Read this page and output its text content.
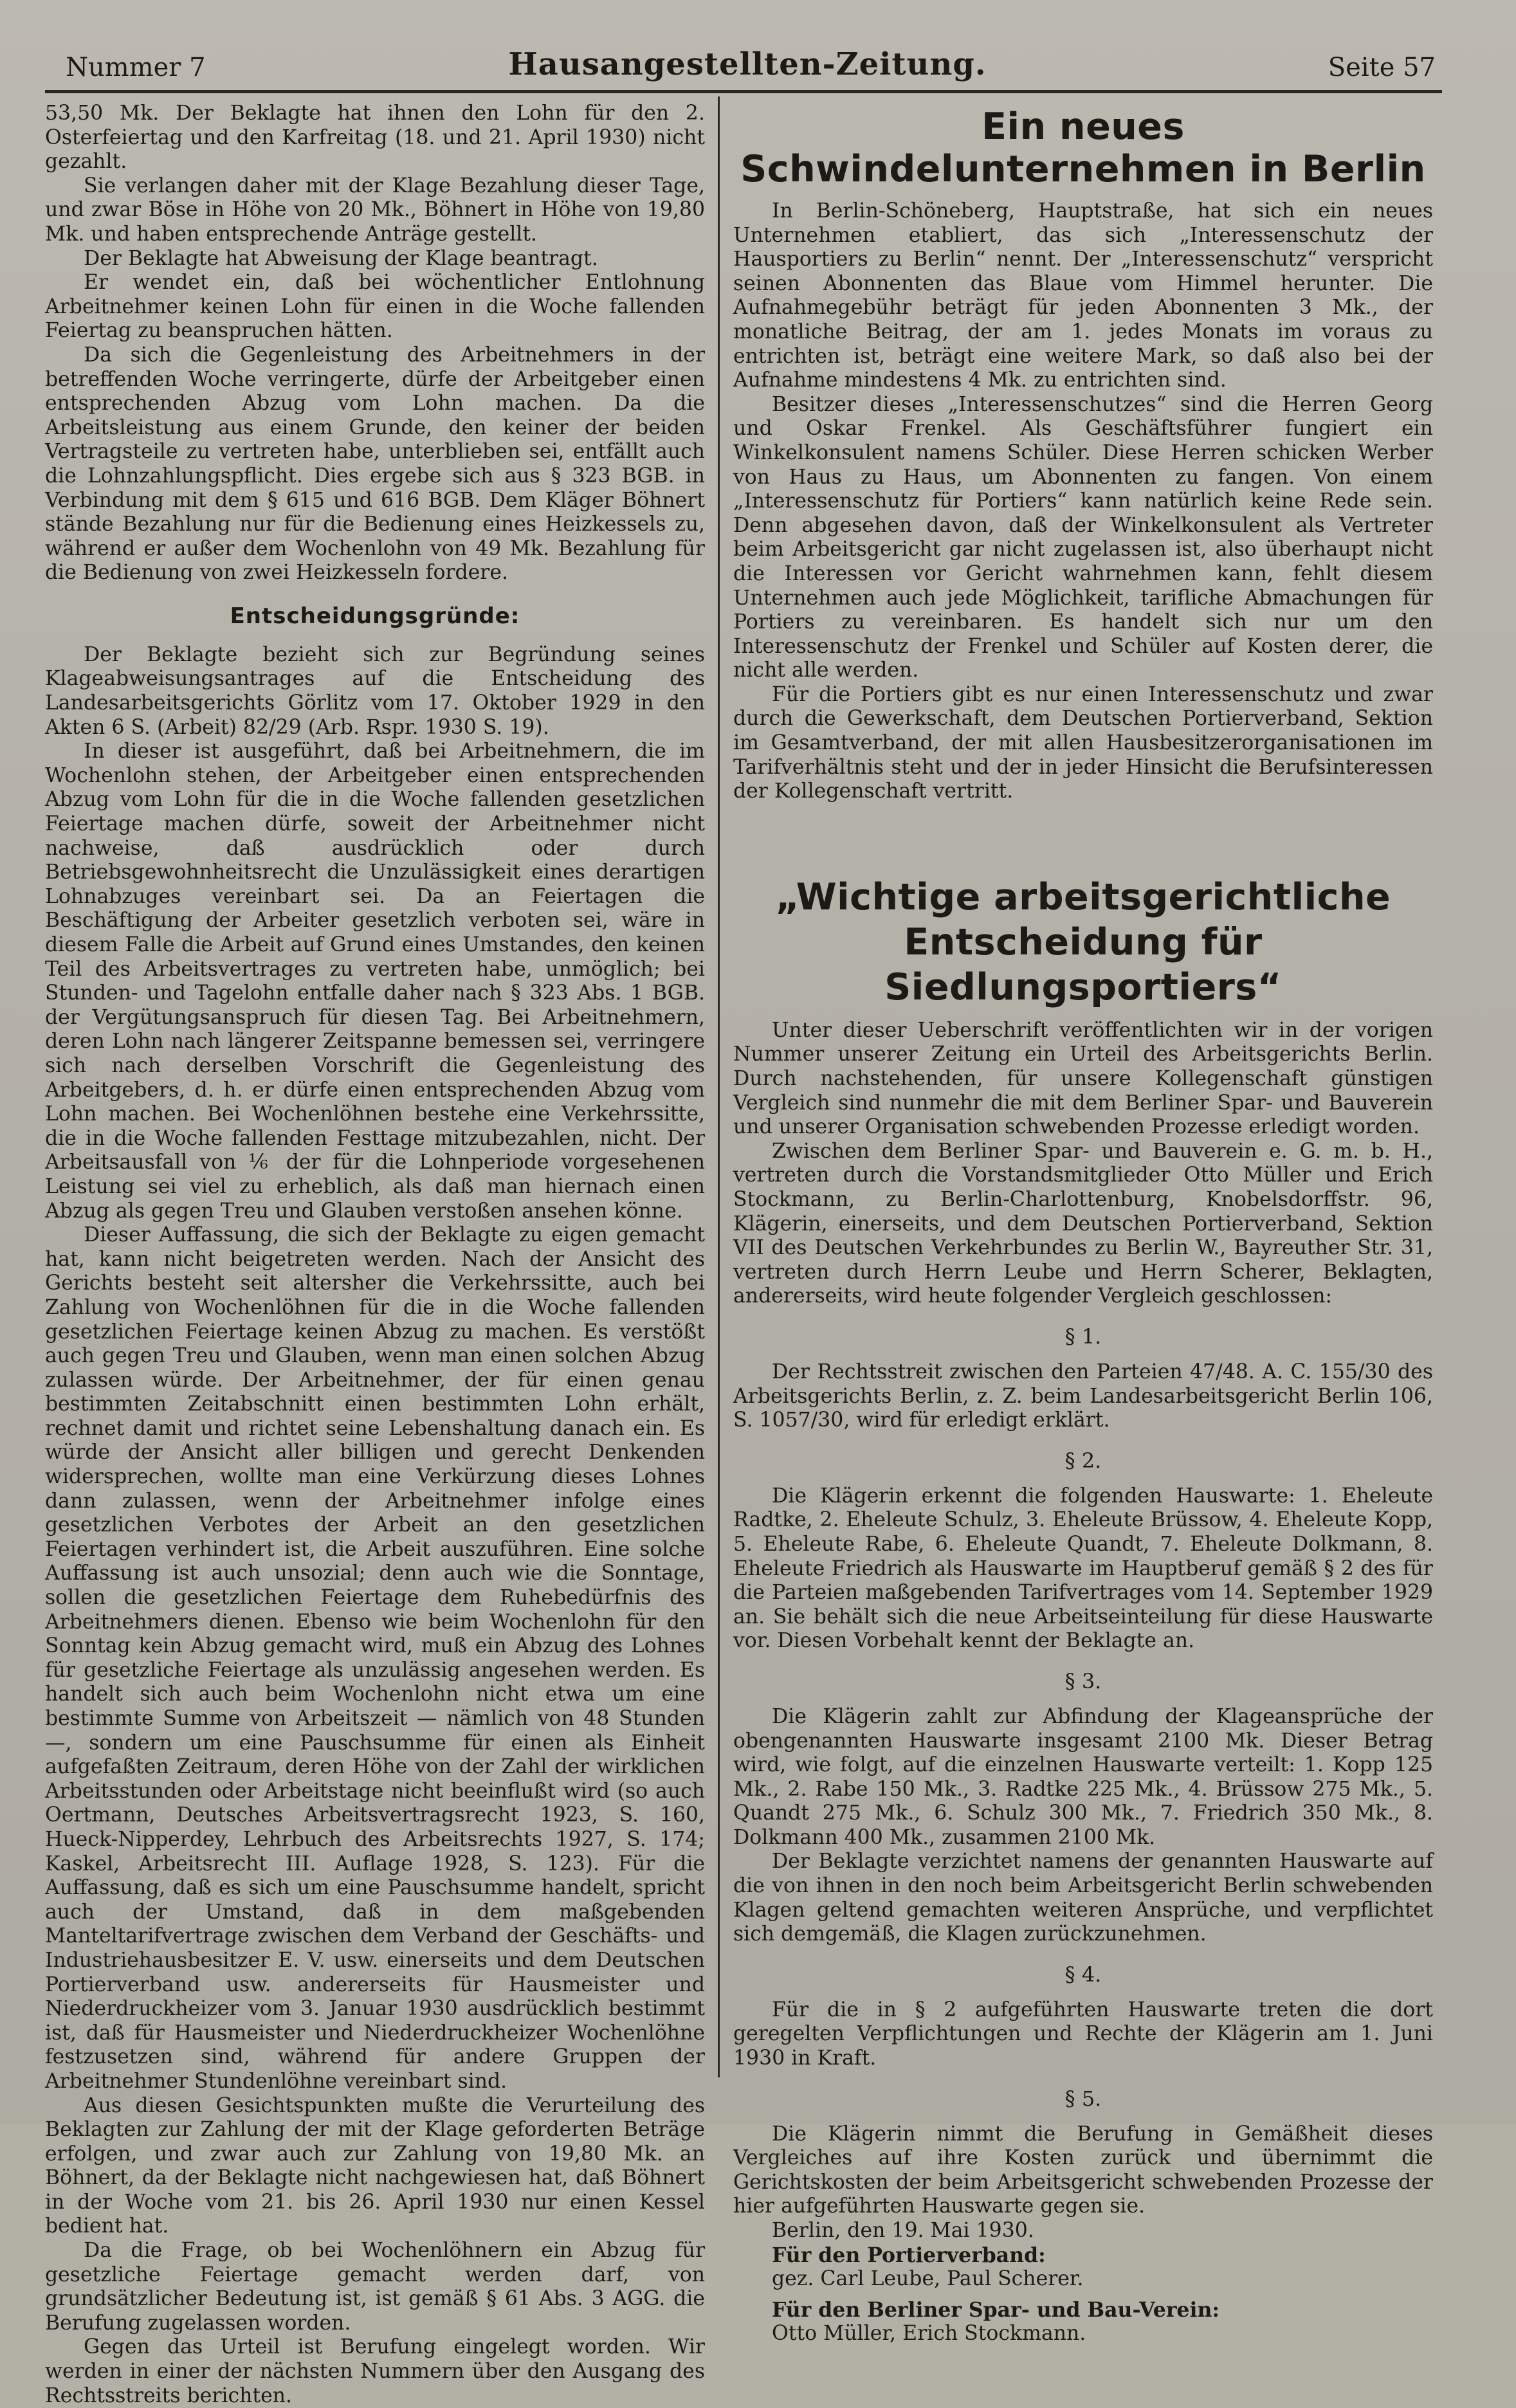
Nummer 7	Hausangestellten-Zeitung.	Seite 57

53,50 Mk. Der Beklagte hat ihnen den Lohn für den 2. Osterfeiertag und den Karfreitag (18. und 21. April 1930) nicht gezahlt.

Sie verlangen daher mit der Klage Bezahlung dieser Tage, und zwar Böse in Höhe von 20 Mk., Böhnert in Höhe von 19,80 Mk. und haben entsprechende Anträge gestellt.

Der Beklagte hat Abweisung der Klage beantragt.

Er wendet ein, daß bei wöchentlicher Entlohnung Arbeitnehmer keinen Lohn für einen in die Woche fallenden Feiertag zu beanspruchen hätten.

Da sich die Gegenleistung des Arbeitnehmers in der betreffenden Woche verringerte, dürfe der Arbeitgeber einen entsprechenden Abzug vom Lohn machen. Da die Arbeitsleistung aus einem Grunde, den keiner der beiden Vertragsteile zu vertreten habe, unterblieben sei, entfällt auch die Lohnzahlungspflicht. Dies ergebe sich aus § 323 BGB. in Verbindung mit dem § 615 und 616 BGB. Dem Kläger Böhnert stände Bezahlung nur für die Bedienung eines Heizkessels zu, während er außer dem Wochenlohn von 49 Mk. Bezahlung für die Bedienung von zwei Heizkesseln fordere.

Entscheidungsgründe:

Der Beklagte bezieht sich zur Begründung seines Klageabweisungsantrages auf die Entscheidung des Landesarbeitsgerichts Görlitz vom 17. Oktober 1929 in den Akten 6 S. (Arbeit) 82/29 (Arb. Rspr. 1930 S. 19).

In dieser ist ausgeführt, daß bei Arbeitnehmern, die im Wochenlohn stehen, der Arbeitgeber einen entsprechenden Abzug vom Lohn für die in die Woche fallenden gesetzlichen Feiertage machen dürfe, soweit der Arbeitnehmer nicht nachweise, daß ausdrücklich oder durch Betriebsgewohnheitsrecht die Unzulässigkeit eines derartigen Lohnabzuges vereinbart sei. Da an Feiertagen die Beschäftigung der Arbeiter gesetzlich verboten sei, wäre in diesem Falle die Arbeit auf Grund eines Umstandes, den keinen Teil des Arbeitsvertrages zu vertreten habe, unmöglich; bei Stunden- und Tagelohn entfalle daher nach § 323 Abs. 1 BGB. der Vergütungsanspruch für diesen Tag. Bei Arbeitnehmern, deren Lohn nach längerer Zeitspanne bemessen sei, verringere sich nach derselben Vorschrift die Gegenleistung des Arbeitgebers, d. h. er dürfe einen entsprechenden Abzug vom Lohn machen. Bei Wochenlöhnen bestehe eine Verkehrssitte, die in die Woche fallenden Festtage mitzubezahlen, nicht. Der Arbeitsausfall von ⅙ der für die Lohnperiode vorgesehenen Leistung sei viel zu erheblich, als daß man hiernach einen Abzug als gegen Treu und Glauben verstoßen ansehen könne.

Dieser Auffassung, die sich der Beklagte zu eigen gemacht hat, kann nicht beigetreten werden. Nach der Ansicht des Gerichts besteht seit altersher die Verkehrssitte, auch bei Zahlung von Wochenlöhnen für die in die Woche fallenden gesetzlichen Feiertage keinen Abzug zu machen. Es verstößt auch gegen Treu und Glauben, wenn man einen solchen Abzug zulassen würde. Der Arbeitnehmer, der für einen genau bestimmten Zeitabschnitt einen bestimmten Lohn erhält, rechnet damit und richtet seine Lebenshaltung danach ein. Es würde der Ansicht aller billigen und gerecht Denkenden widersprechen, wollte man eine Verkürzung dieses Lohnes dann zulassen, wenn der Arbeitnehmer infolge eines gesetzlichen Verbotes der Arbeit an den gesetzlichen Feiertagen verhindert ist, die Arbeit auszuführen. Eine solche Auffassung ist auch unsozial; denn auch wie die Sonntage, sollen die gesetzlichen Feiertage dem Ruhebedürfnis des Arbeitnehmers dienen. Ebenso wie beim Wochenlohn für den Sonntag kein Abzug gemacht wird, muß ein Abzug des Lohnes für gesetzliche Feiertage als unzulässig angesehen werden. Es handelt sich auch beim Wochenlohn nicht etwa um eine bestimmte Summe von Arbeitszeit — nämlich von 48 Stunden —, sondern um eine Pauschsumme für einen als Einheit aufgefaßten Zeitraum, deren Höhe von der Zahl der wirklichen Arbeitsstunden oder Arbeitstage nicht beeinflußt wird (so auch Oertmann, Deutsches Arbeitsvertragsrecht 1923, S. 160, Hueck-Nipperdey, Lehrbuch des Arbeitsrechts 1927, S. 174; Kaskel, Arbeitsrecht III. Auflage 1928, S. 123). Für die Auffassung, daß es sich um eine Pauschsumme handelt, spricht auch der Umstand, daß in dem maßgebenden Manteltarifvertrage zwischen dem Verband der Geschäfts- und Industriehausbesitzer E. V. usw. einerseits und dem Deutschen Portierverband usw. andererseits für Hausmeister und Niederdruckheizer vom 3. Januar 1930 ausdrücklich bestimmt ist, daß für Hausmeister und Niederdruckheizer Wochenlöhne festzusetzen sind, während für andere Gruppen der Arbeitnehmer Stundenlöhne vereinbart sind.

Aus diesen Gesichtspunkten mußte die Verurteilung des Beklagten zur Zahlung der mit der Klage geforderten Beträge erfolgen, und zwar auch zur Zahlung von 19,80 Mk. an Böhnert, da der Beklagte nicht nachgewiesen hat, daß Böhnert in der Woche vom 21. bis 26. April 1930 nur einen Kessel bedient hat.

Da die Frage, ob bei Wochenlöhnern ein Abzug für gesetzliche Feiertage gemacht werden darf, von grundsätzlicher Bedeutung ist, ist gemäß § 61 Abs. 3 AGG. die Berufung zugelassen worden.

Gegen das Urteil ist Berufung eingelegt worden. Wir werden in einer der nächsten Nummern über den Ausgang des Rechtsstreits berichten.

Ein neues Schwindelunternehmen in Berlin

In Berlin-Schöneberg, Hauptstraße, hat sich ein neues Unternehmen etabliert, das sich „Interessenschutz der Hausportiers zu Berlin“ nennt. Der „Interessenschutz“ verspricht seinen Abonnenten das Blaue vom Himmel herunter. Die Aufnahmegebühr beträgt für jeden Abonnenten 3 Mk., der monatliche Beitrag, der am 1. jedes Monats im voraus zu entrichten ist, beträgt eine weitere Mark, so daß also bei der Aufnahme mindestens 4 Mk. zu entrichten sind.

Besitzer dieses „Interessenschutzes“ sind die Herren Georg und Oskar Frenkel. Als Geschäftsführer fungiert ein Winkelkonsulent namens Schüler. Diese Herren schicken Werber von Haus zu Haus, um Abonnenten zu fangen. Von einem „Interessenschutz für Portiers“ kann natürlich keine Rede sein. Denn abgesehen davon, daß der Winkelkonsulent als Vertreter beim Arbeitsgericht gar nicht zugelassen ist, also überhaupt nicht die Interessen vor Gericht wahrnehmen kann, fehlt diesem Unternehmen auch jede Möglichkeit, tarifliche Abmachungen für Portiers zu vereinbaren. Es handelt sich nur um den Interessenschutz der Frenkel und Schüler auf Kosten derer, die nicht alle werden.

Für die Portiers gibt es nur einen Interessenschutz und zwar durch die Gewerkschaft, dem Deutschen Portierverband, Sektion im Gesamtverband, der mit allen Hausbesitzerorganisationen im Tarifverhältnis steht und der in jeder Hinsicht die Berufsinteressen der Kollegenschaft vertritt.

„Wichtige arbeitsgerichtliche Entscheidung für Siedlungsportiers“

Unter dieser Ueberschrift veröffentlichten wir in der vorigen Nummer unserer Zeitung ein Urteil des Arbeitsgerichts Berlin. Durch nachstehenden, für unsere Kollegenschaft günstigen Vergleich sind nunmehr die mit dem Berliner Spar- und Bauverein und unserer Organisation schwebenden Prozesse erledigt worden.

Zwischen dem Berliner Spar- und Bauverein e. G. m. b. H., vertreten durch die Vorstandsmitglieder Otto Müller und Erich Stockmann, zu Berlin-Charlottenburg, Knobelsdorffstr. 96, Klägerin, einerseits, und dem Deutschen Portierverband, Sektion VII des Deutschen Verkehrbundes zu Berlin W., Bayreuther Str. 31, vertreten durch Herrn Leube und Herrn Scherer, Beklagten, andererseits, wird heute folgender Vergleich geschlossen:

§ 1.

Der Rechtsstreit zwischen den Parteien 47/48. A. C. 155/30 des Arbeitsgerichts Berlin, z. Z. beim Landesarbeitsgericht Berlin 106, S. 1057/30, wird für erledigt erklärt.

§ 2.

Die Klägerin erkennt die folgenden Hauswarte: 1. Eheleute Radtke, 2. Eheleute Schulz, 3. Eheleute Brüssow, 4. Eheleute Kopp, 5. Eheleute Rabe, 6. Eheleute Quandt, 7. Eheleute Dolkmann, 8. Eheleute Friedrich als Hauswarte im Hauptberuf gemäß § 2 des für die Parteien maßgebenden Tarifvertrages vom 14. September 1929 an. Sie behält sich die neue Arbeitseinteilung für diese Hauswarte vor. Diesen Vorbehalt kennt der Beklagte an.

§ 3.

Die Klägerin zahlt zur Abfindung der Klageansprüche der obengenannten Hauswarte insgesamt 2100 Mk. Dieser Betrag wird, wie folgt, auf die einzelnen Hauswarte verteilt: 1. Kopp 125 Mk., 2. Rabe 150 Mk., 3. Radtke 225 Mk., 4. Brüssow 275 Mk., 5. Quandt 275 Mk., 6. Schulz 300 Mk., 7. Friedrich 350 Mk., 8. Dolkmann 400 Mk., zusammen 2100 Mk.

Der Beklagte verzichtet namens der genannten Hauswarte auf die von ihnen in den noch beim Arbeitsgericht Berlin schwebenden Klagen geltend gemachten weiteren Ansprüche, und verpflichtet sich demgemäß, die Klagen zurückzunehmen.

§ 4.

Für die in § 2 aufgeführten Hauswarte treten die dort geregelten Verpflichtungen und Rechte der Klägerin am 1. Juni 1930 in Kraft.

§ 5.

Die Klägerin nimmt die Berufung in Gemäßheit dieses Vergleiches auf ihre Kosten zurück und übernimmt die Gerichtskosten der beim Arbeitsgericht schwebenden Prozesse der hier aufgeführten Hauswarte gegen sie.

Berlin, den 19. Mai 1930.

Für den Portierverband:

gez. Carl Leube, Paul Scherer.

Für den Berliner Spar- und Bau-Verein:

Otto Müller, Erich Stockmann.
